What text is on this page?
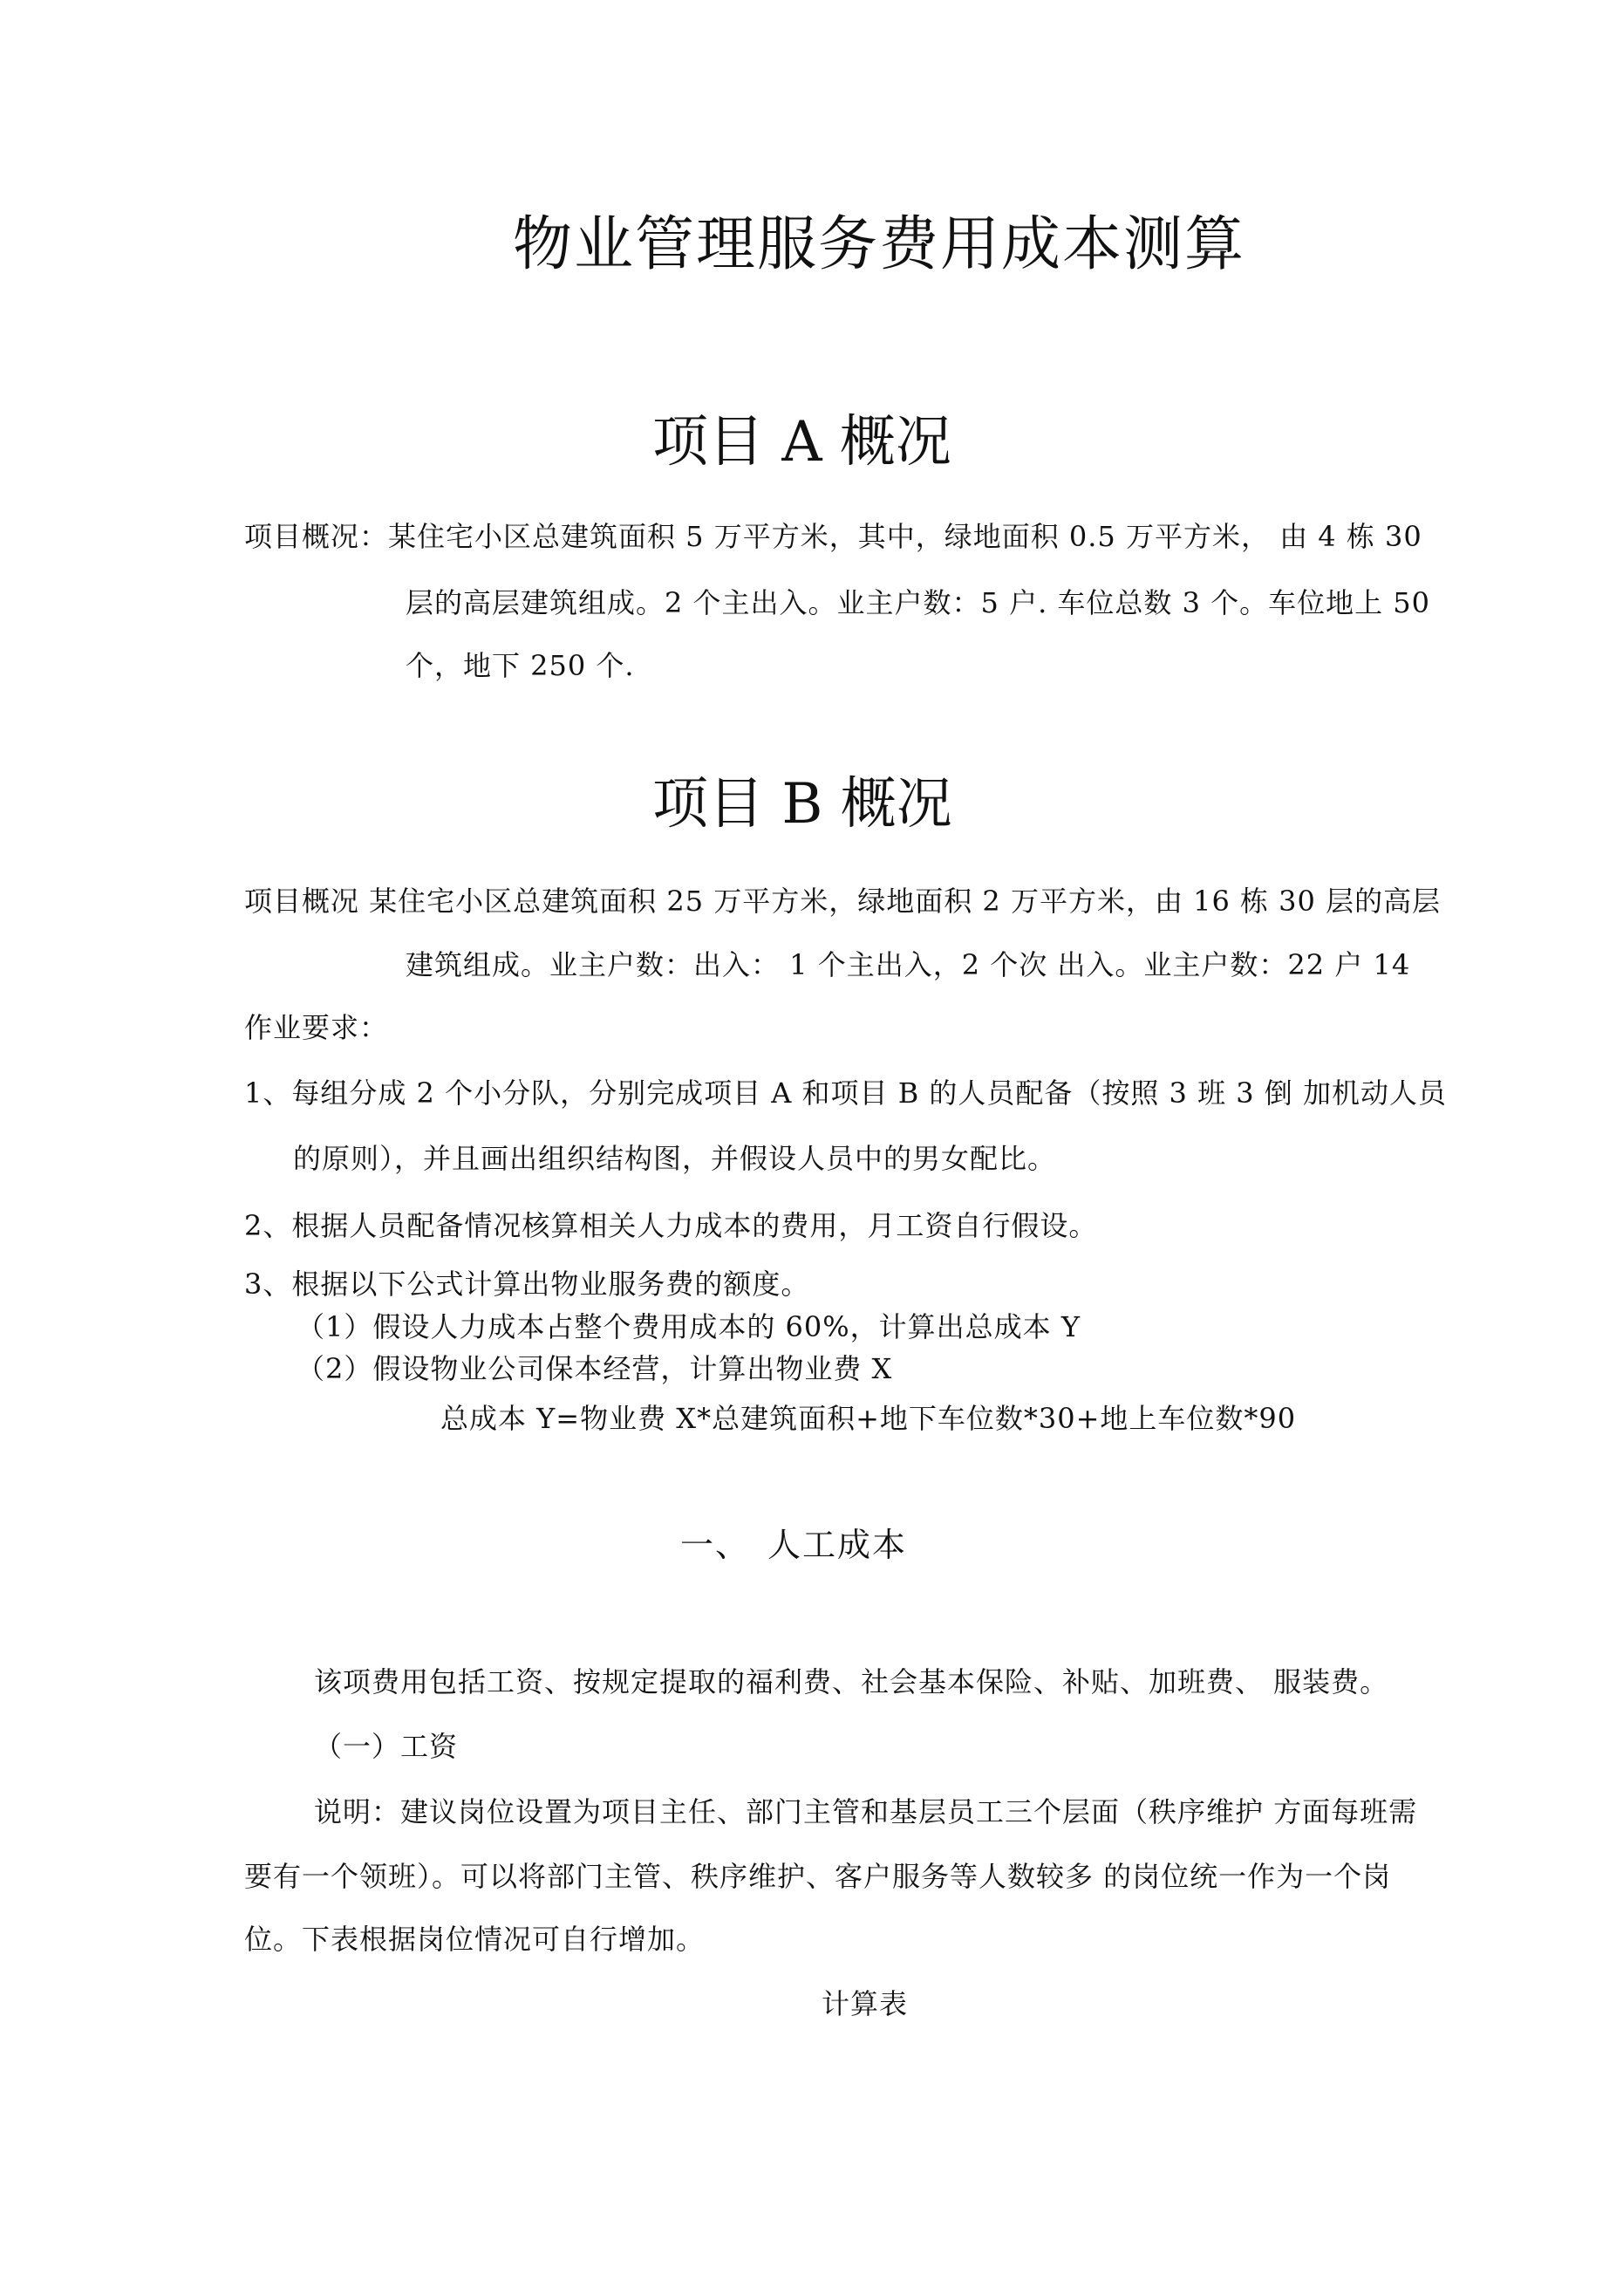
物业管理服务费用成本测算
项目 A 概况
项目概况：某住宅小区总建筑面积 5 万平方米，其中，绿地面积 0.5 万平方米， 由 4 栋 30
层的高层建筑组成。2 个主出入。业主户数：5 户. 车位总数 3 个。车位地上 50
个，地下 250 个.
项目 B 概况
项目概况 某住宅小区总建筑面积 25 万平方米，绿地面积 2 万平方米，由 16 栋 30 层的高层
建筑组成。业主户数：出入： 1 个主出入，2 个次 出入。业主户数：22 户 14
作业要求：
1、每组分成 2 个小分队，分别完成项目 A 和项目 B 的人员配备（按照 3 班 3 倒 加机动人员
的原则），并且画出组织结构图，并假设人员中的男女配比。
2、根据人员配备情况核算相关人力成本的费用，月工资自行假设。
3、根据以下公式计算出物业服务费的额度。
（1）假设人力成本占整个费用成本的 60%，计算出总成本 Y
（2）假设物业公司保本经营，计算出物业费 X
总成本 Y=物业费 X*总建筑面积+地下车位数*30+地上车位数*90
一、 人工成本
该项费用包括工资、按规定提取的福利费、社会基本保险、补贴、加班费、 服装费。
（一）工资
说明：建议岗位设置为项目主任、部门主管和基层员工三个层面（秩序维护 方面每班需
要有一个领班）。可以将部门主管、秩序维护、客户服务等人数较多 的岗位统一作为一个岗
位。下表根据岗位情况可自行增加。
计算表
